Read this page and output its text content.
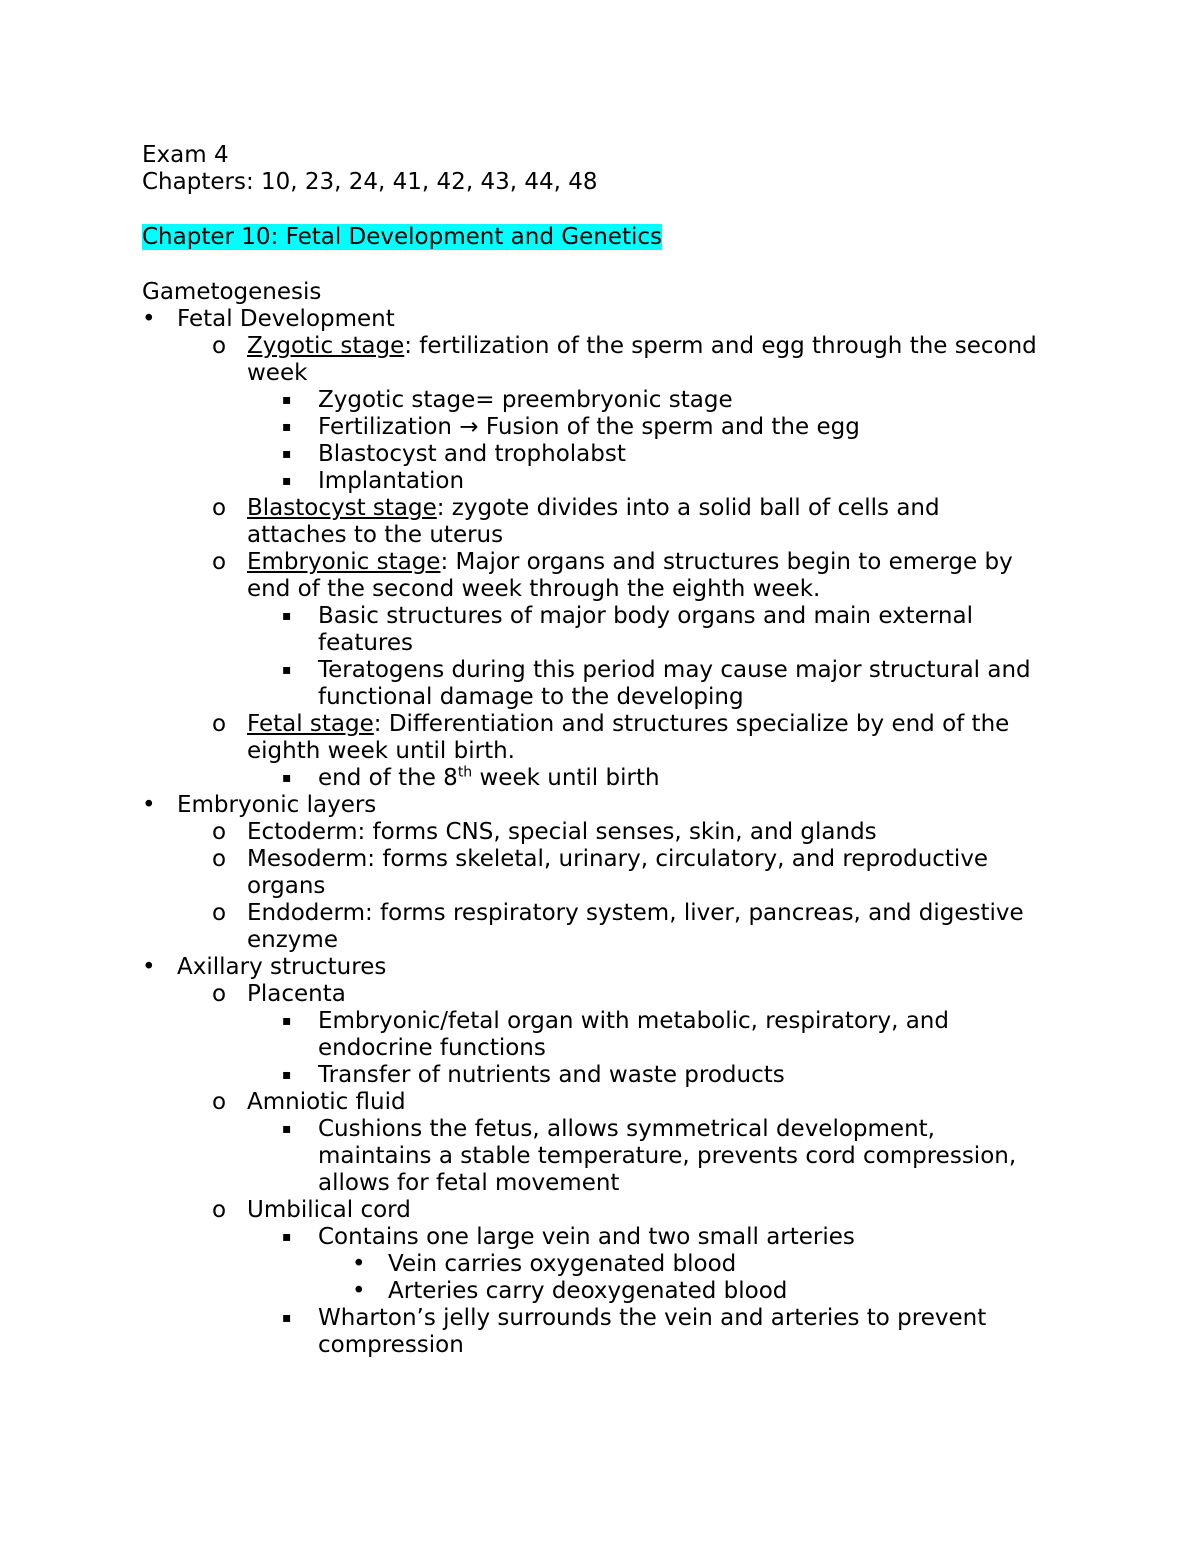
Exam 4
Chapters: 10, 23, 24, 41, 42, 43, 44, 48
Chapter 10: Fetal Development and Genetics
Gametogenesis
• Fetal Development
o Zygotic stage: fertilization of the sperm and egg through the second
week
▪	Zygotic stage= preembryonic stage
▪	Fertilization → Fusion of the sperm and the egg
▪	Blastocyst and tropholabst
▪	Implantation
o Blastocyst stage: zygote divides into a solid ball of cells and
attaches to the uterus
o Embryonic stage: Major organs and structures begin to emerge by
end of the second week through the eighth week.
▪	Basic structures of major body organs and main external
features
▪	Teratogens during this period may cause major structural and
functional damage to the developing
o Fetal stage: Differentiation and structures specialize by end of the
eighth week until birth.
▪	end of the 8th week until birth
• Embryonic layers
o Ectoderm: forms CNS, special senses, skin, and glands
o Mesoderm: forms skeletal, urinary, circulatory, and reproductive
organs
o Endoderm: forms respiratory system, liver, pancreas, and digestive
enzyme
• Axillary structures
o Placenta
▪	Embryonic/fetal organ with metabolic, respiratory, and
endocrine functions
▪	Transfer of nutrients and waste products
o Amniotic fluid
▪	Cushions the fetus, allows symmetrical development,
maintains a stable temperature, prevents cord compression,
allows for fetal movement
o Umbilical cord
▪	Contains one large vein and two small arteries
• Vein carries oxygenated blood
• Arteries carry deoxygenated blood
▪	Wharton’s jelly surrounds the vein and arteries to prevent
compression
